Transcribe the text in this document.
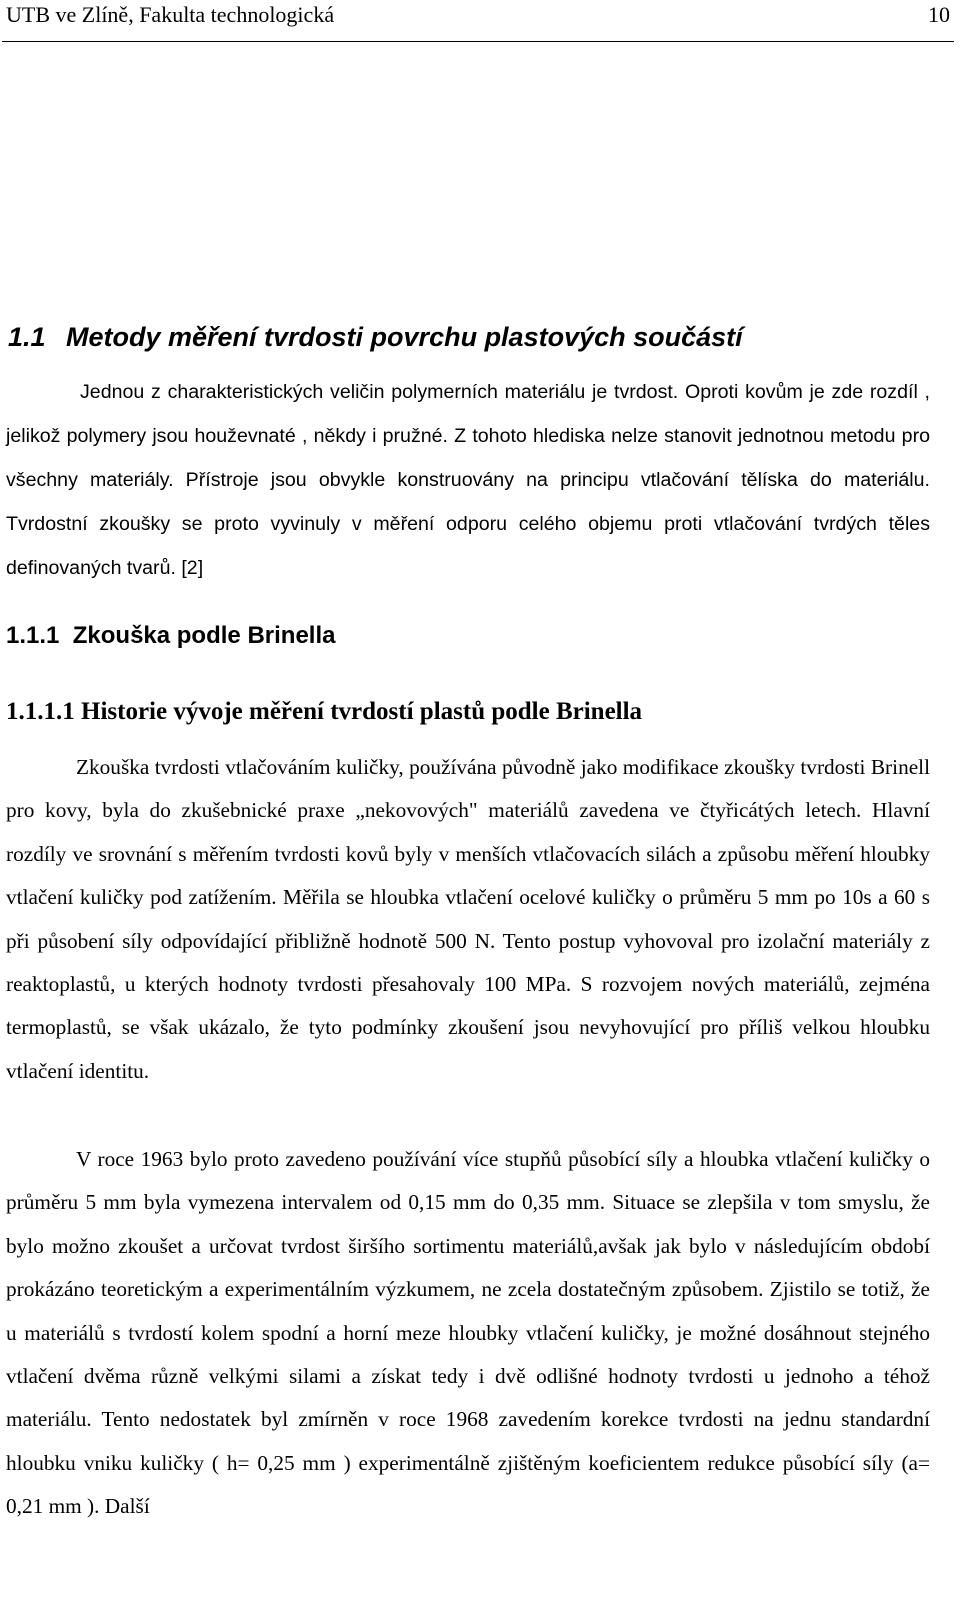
UTB ve Zlíně, Fakulta technologická	10
1.1 Metody měření tvrdosti povrchu plastových součástí

Jednou z charakteristických veličin polymerních materiálu je tvrdost. Oproti kovům je zde rozdíl , jelikož polymery jsou houževnaté , někdy i pružné. Z tohoto hlediska nelze stanovit jednotnou metodu pro všechny materiály. Přístroje jsou obvykle konstruovány na principu vtlačování tělíska do materiálu. Tvrdostní zkoušky se proto vyvinuly v měření odporu celého objemu proti vtlačování tvrdých těles definovaných tvarů. [2]

1.1.1 Zkouška podle Brinella
1.1.1.1 Historie vývoje měření tvrdostí plastů podle Brinella

Zkouška tvrdosti vtlačováním kuličky, používána původně jako modifikace zkoušky tvrdosti Brinell pro kovy, byla do zkušebnické praxe „nekovových" materiálů zavedena ve čtyřicátých letech. Hlavní rozdíly ve srovnání s měřením tvrdosti kovů byly v menších vtlačovacích silách a způsobu měření hloubky vtlačení kuličky pod zatížením. Měřila se hloubka vtlačení ocelové kuličky o průměru 5 mm po 10s a 60 s při působení síly odpovídající přibližně hodnotě 500 N. Tento postup vyhovoval pro izolační materiály z reaktoplastů, u kterých hodnoty tvrdosti přesahovaly 100 MPa. S rozvojem nových materiálů, zejména termoplastů, se však ukázalo, že tyto podmínky zkoušení jsou nevyhovující pro příliš velkou hloubku vtlačení identitu.

V roce 1963 bylo proto zavedeno používání více stupňů působící síly a hloubka vtlačení kuličky o průměru 5 mm byla vymezena intervalem od 0,15 mm do 0,35 mm. Situace se zlepšila v tom smyslu, že bylo možno zkoušet a určovat tvrdost širšího sortimentu materiálů,avšak jak bylo v následujícím období prokázáno teoretickým a experimentálním výzkumem, ne zcela dostatečným způsobem. Zjistilo se totiž, že u materiálů s tvrdostí kolem spodní a horní meze hloubky vtlačení kuličky, je možné dosáhnout stejného vtlačení dvěma různě velkými silami a získat tedy i dvě odlišné hodnoty tvrdosti u jednoho a téhož materiálu. Tento nedostatek byl zmírněn v roce 1968 zavedením korekce tvrdosti na jednu standardní hloubku vniku kuličky ( h= 0,25 mm ) experimentálně zjištěným koeficientem redukce působící síly (a= 0,21 mm ). Další
